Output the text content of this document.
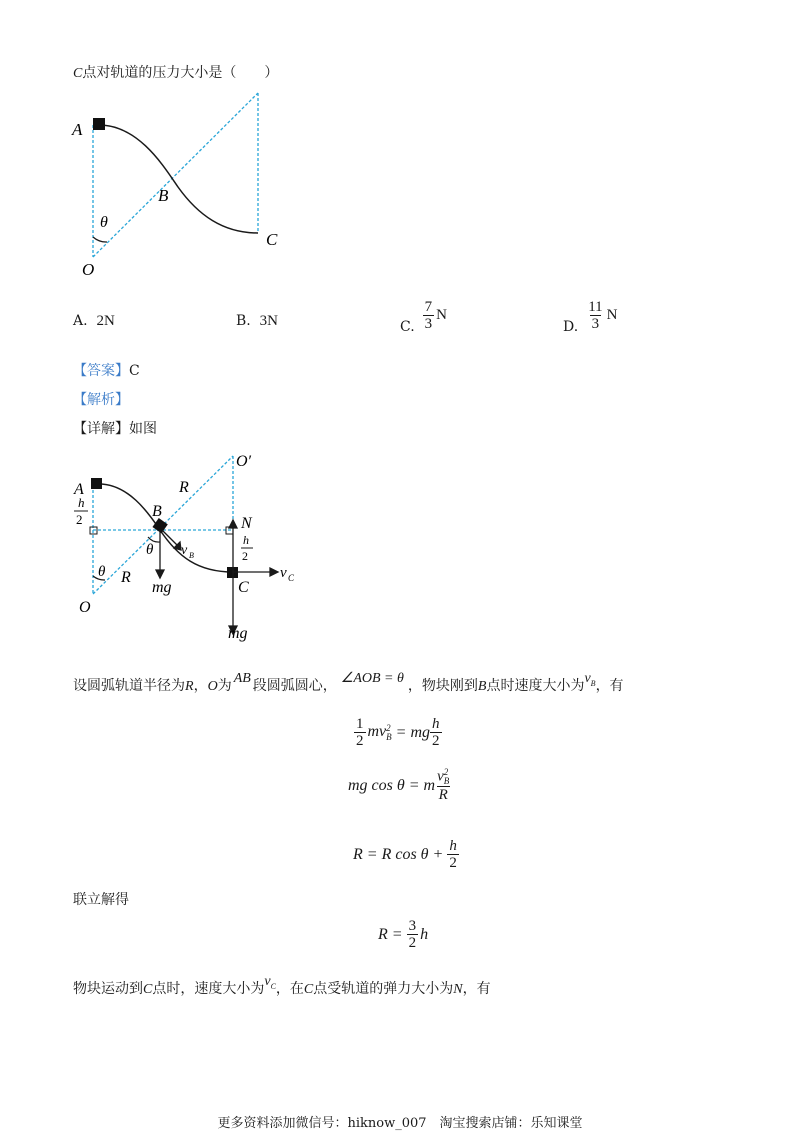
C点对轨道的压力大小是（　　）
A
B
C
O
θ
A. 2N	B. 3N	C. $\frac{7}{3}$ N
D. $\frac{11}{3}$ N
【答案】C
【解析】
【详解】如图
A
h
2	B
C
O
O′
N
R
R
θ
θ v B
h
2
v C
mg
mg
设圆弧轨道半径为R，O为 AB 段圆弧圆心， ∠AOB = θ ，物块刚到B点时速度大小为$v_B$，有
$\frac{1}{2}$ mv 2
B = mg $\frac{h}{2}$
mg cos θ = m v 2
B
R
R = R $\cos \theta + \frac{h}{2}$
联立解得
$R = \frac{3}{2}$ h
物块运动到C点时，速度大小为$v_C$，在C点受轨道的弹力大小为N，有
更多资料添加微信号：hiknow_007　淘宝搜索店铺：乐知课堂
